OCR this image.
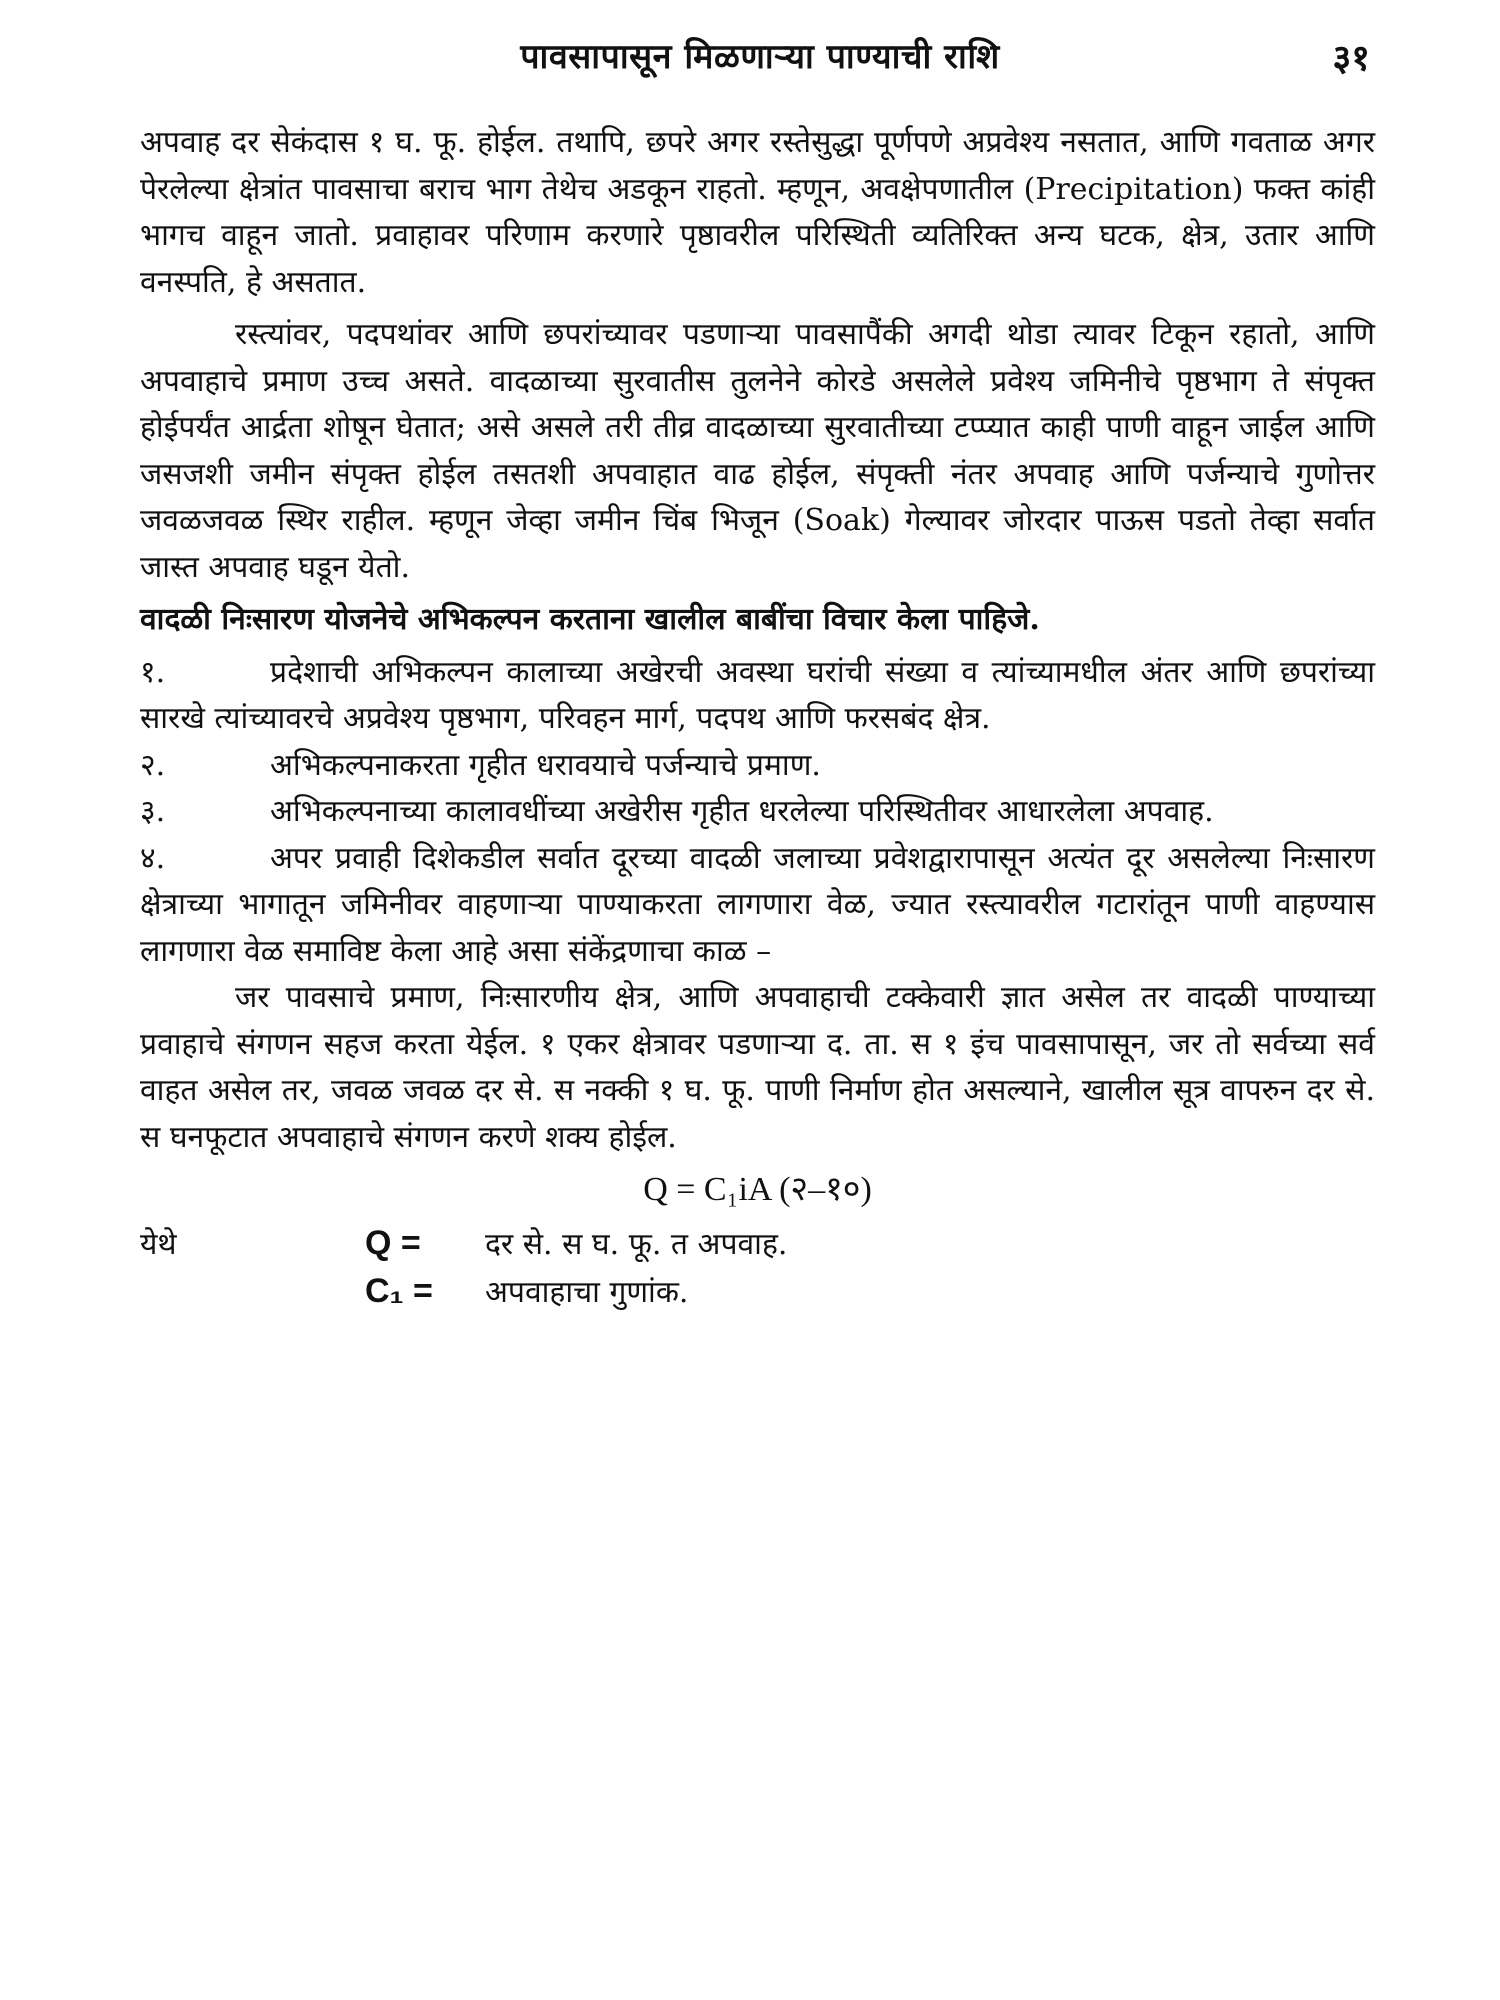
पावसापासून मिळणाऱ्या पाण्याची राशि	३१

अपवाह दर सेकंदास १ घ. फू. होईल. तथापि, छपरे अगर रस्तेसुद्धा पूर्णपणे अप्रवेश्य नसतात, आणि गवताळ अगर पेरलेल्या क्षेत्रांत पावसाचा बराच भाग तेथेच अडकून राहतो. म्हणून, अवक्षेपणातील (Precipitation) फक्त कांही भागच वाहून जातो. प्रवाहावर परिणाम करणारे पृष्ठावरील परिस्थिती व्यतिरिक्त अन्य घटक, क्षेत्र, उतार आणि वनस्पति, हे असतात.

रस्त्यांवर, पदपथांवर आणि छपरांच्यावर पडणाऱ्या पावसापैंकी अगदी थोडा त्यावर टिकून रहातो, आणि अपवाहाचे प्रमाण उच्च असते. वादळाच्या सुरवातीस तुलनेने कोरडे असलेले प्रवेश्य जमिनीचे पृष्ठभाग ते संपृक्त होईपर्यंत आर्द्रता शोषून घेतात; असे असले तरी तीव्र वादळाच्या सुरवातीच्या टप्प्यात काही पाणी वाहून जाईल आणि जसजशी जमीन संपृक्त होईल तसतशी अपवाहात वाढ होईल, संपृक्ती नंतर अपवाह आणि पर्जन्याचे गुणोत्तर जवळजवळ स्थिर राहील. म्हणून जेव्हा जमीन चिंब भिजून (Soak) गेल्यावर जोरदार पाऊस पडतो तेव्हा सर्वात जास्त अपवाह घडून येतो.

वादळी निःसारण योजनेचे अभिकल्पन करताना खालील बाबींचा विचार केला पाहिजे.

१.	प्रदेशाची अभिकल्पन कालाच्या अखेरची अवस्था घरांची संख्या व त्यांच्यामधील अंतर आणि छपरांच्या सारखे त्यांच्यावरचे अप्रवेश्य पृष्ठभाग, परिवहन मार्ग, पदपथ आणि फरसबंद क्षेत्र.

२.	अभिकल्पनाकरता गृहीत धरावयाचे पर्जन्याचे प्रमाण.

३.	अभिकल्पनाच्या कालावधींच्या अखेरीस गृहीत धरलेल्या परिस्थितीवर आधारलेला अपवाह.

४.	अपर प्रवाही दिशेकडील सर्वात दूरच्या वादळी जलाच्या प्रवेशद्वारापासून अत्यंत दूर असलेल्या निःसारण क्षेत्राच्या भागातून जमिनीवर वाहणाऱ्या पाण्याकरता लागणारा वेळ, ज्यात रस्त्यावरील गटारांतून पाणी वाहण्यास लागणारा वेळ समाविष्ट केला आहे असा संकेंद्रणाचा काळ –

जर पावसाचे प्रमाण, निःसारणीय क्षेत्र, आणि अपवाहाची टक्केवारी ज्ञात असेल तर वादळी पाण्याच्या प्रवाहाचे संगणन सहज करता येईल. १ एकर क्षेत्रावर पडणाऱ्या द. ता. स १ इंच पावसापासून, जर तो सर्वच्या सर्व वाहत असेल तर, जवळ जवळ दर से. स नक्की १ घ. फू. पाणी निर्माण होत असल्याने, खालील सूत्र वापरुन दर से. स घनफूटात अपवाहाचे संगणन करणे शक्य होईल.

Q = C₁iA (२–१०)
येथे	Q =	दर से. स घ. फू. त अपवाह.
C₁ =	अपवाहाचा गुणांक.
